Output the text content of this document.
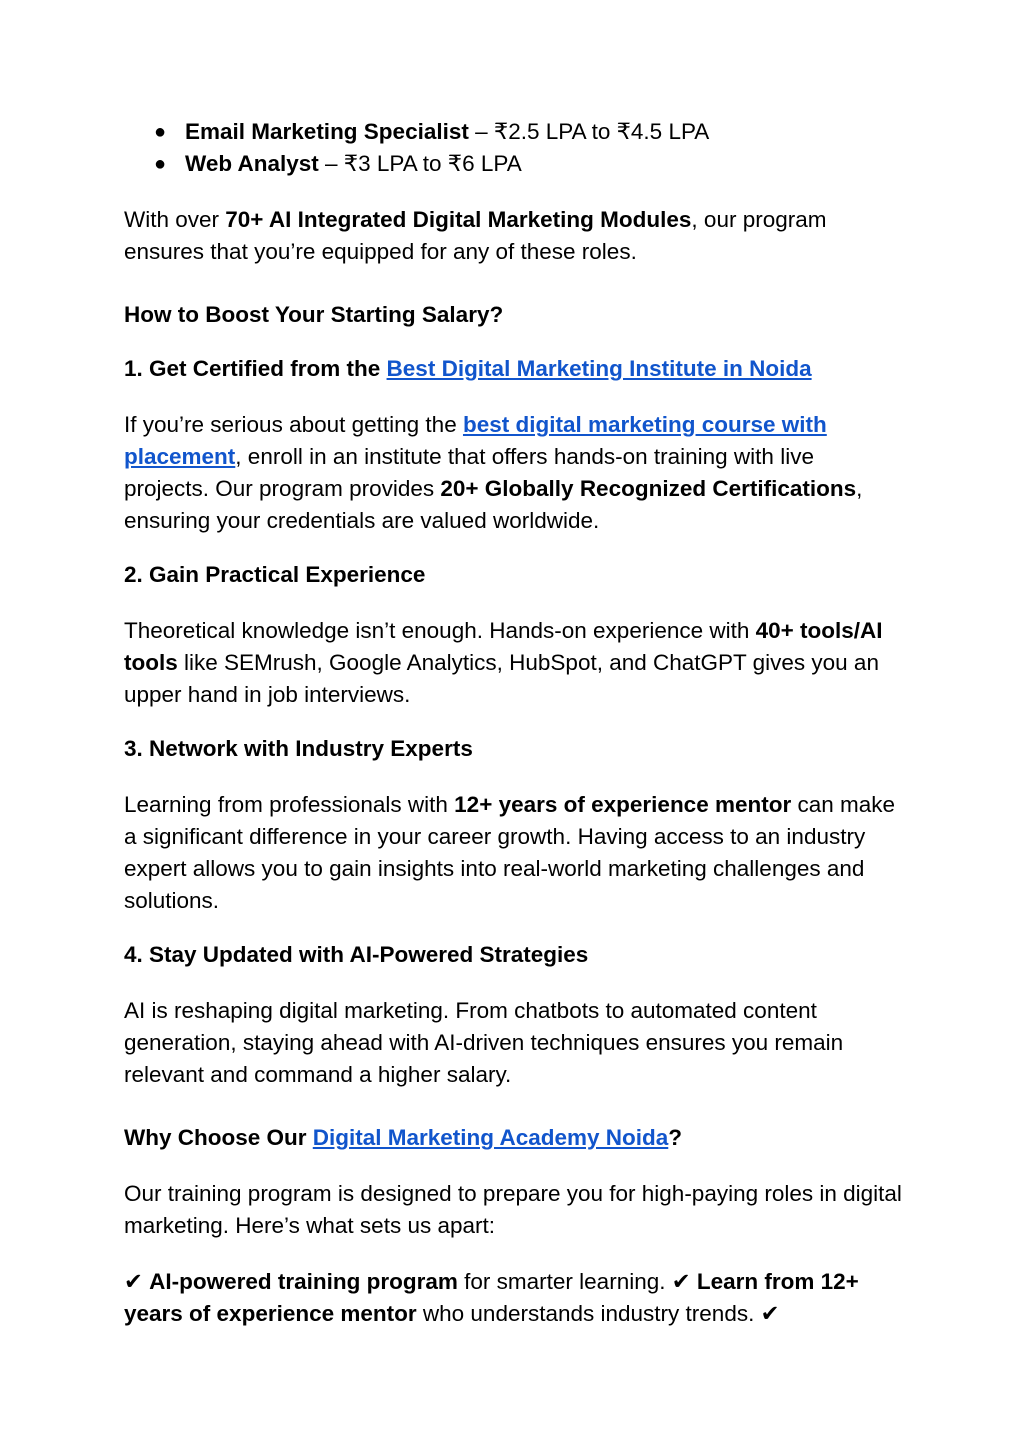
● Email Marketing Specialist – ₹2.5 LPA to ₹4.5 LPA
● Web Analyst – ₹3 LPA to ₹6 LPA

With over 70+ AI Integrated Digital Marketing Modules, our program ensures that you’re equipped for any of these roles.

How to Boost Your Starting Salary?

1. Get Certified from the Best Digital Marketing Institute in Noida

If you’re serious about getting the best digital marketing course with placement, enroll in an institute that offers hands-on training with live projects. Our program provides 20+ Globally Recognized Certifications, ensuring your credentials are valued worldwide.

2. Gain Practical Experience

Theoretical knowledge isn’t enough. Hands-on experience with 40+ tools/AI tools like SEMrush, Google Analytics, HubSpot, and ChatGPT gives you an upper hand in job interviews.

3. Network with Industry Experts

Learning from professionals with 12+ years of experience mentor can make a significant difference in your career growth. Having access to an industry expert allows you to gain insights into real-world marketing challenges and solutions.

4. Stay Updated with AI-Powered Strategies

AI is reshaping digital marketing. From chatbots to automated content generation, staying ahead with AI-driven techniques ensures you remain relevant and command a higher salary.

Why Choose Our Digital Marketing Academy Noida?

Our training program is designed to prepare you for high-paying roles in digital marketing. Here’s what sets us apart:

✔ AI-powered training program for smarter learning. ✔ Learn from 12+ years of experience mentor who understands industry trends. ✔
